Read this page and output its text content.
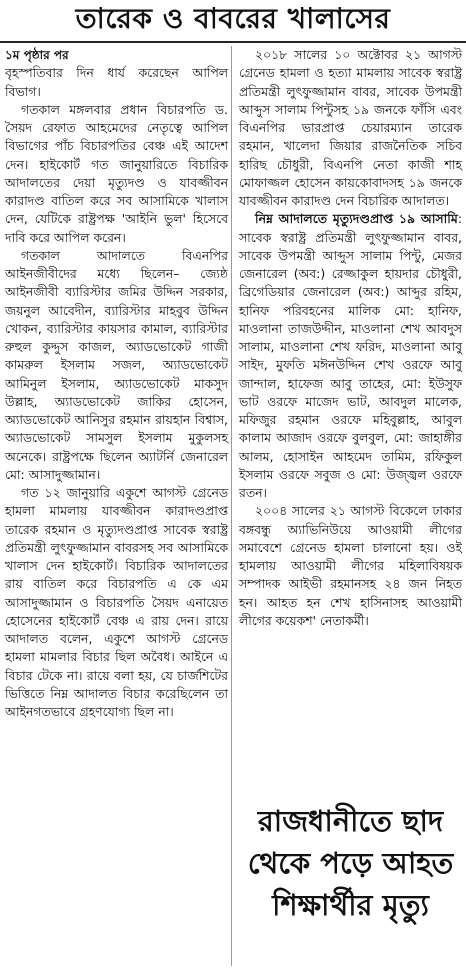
তারেক ও বাবরের খালাসের

১ম পৃষ্ঠার পর

বৃহস্পতিবার দিন ধার্য করেছেন আপিল বিভাগ।

গতকাল মঙ্গলবার প্রধান বিচারপতি ড. সৈয়দ রেফাত আহমেদের নেতৃত্বে আপিল বিভাগের পাঁচ বিচারপতির বেঞ্চ এই আদেশ দেন। হাইকোর্ট গত জানুয়ারিতে বিচারিক আদালতের দেয়া মৃত্যুদণ্ড ও যাবজ্জীবন কারাদণ্ড বাতিল করে সব আসামিকে খালাস দেন, যেটিকে রাষ্ট্রপক্ষ 'আইনি ভুল' হিসেবে দাবি করে আপিল করেন।

গতকাল আদালতে বিএনপির আইনজীবীদের মধ্যে ছিলেন– জ্যেষ্ঠ আইনজীবী ব্যারিস্টার জমির উদ্দিন সরকার, জয়নুল আবেদীন, ব্যারিস্টার মাহবুব উদ্দিন খোকন, ব্যারিস্টার কায়সার কামাল, ব্যারিস্টার রুহুল কুদ্দুস কাজল, অ্যাডভোকেট গাজী কামরুল ইসলাম সজল, অ্যাডভোকেট আমিনুল ইসলাম, অ্যাডভোকেট মাকসুদ উল্লাহ, অ্যাডভোকেট জাকির হোসেন, অ্যাডভোকেট আনিসুর রহমান রায়হান বিশ্বাস, অ্যাডভোকেট সামসুল ইসলাম মুকুলসহ অনেকে। রাষ্ট্রপক্ষে ছিলেন অ্যাটর্নি জেনারেল মো: আসাদুজ্জামান।

গত ১২ জানুয়ারি একুশে আগস্ট গ্রেনেড হামলা মামলায় যাবজ্জীবন কারাদণ্ডপ্রাপ্ত তারেক রহমান ও মৃত্যুদণ্ডপ্রাপ্ত সাবেক স্বরাষ্ট্র প্রতিমন্ত্রী লুৎফুজ্জামান বাবরসহ সব আসামিকে খালাস দেন হাইকোর্ট। বিচারিক আদালতের রায় বাতিল করে বিচারপতি এ কে এম আসাদুজ্জামান ও বিচারপতি সৈয়দ এনায়েত হোসেনের হাইকোর্ট বেঞ্চ এ রায় দেন। রায়ে আদালত বলেন, একুশে আগস্ট গ্রেনেড হামলা মামলার বিচার ছিল অবৈধ। আইনে এ বিচার টেকে না। রায়ে বলা হয়, যে চার্জশিটের ভিত্তিতে নিম্ন আদালত বিচার করেছিলেন তা আইনগতভাবে গ্রহণযোগ্য ছিল না।

২০১৮ সালের ১০ অক্টোবর ২১ আগস্ট গ্রেনেড হামলা ও হত্যা মামলায় সাবেক স্বরাষ্ট্র প্রতিমন্ত্রী লুৎফুজ্জামান বাবর, সাবেক উপমন্ত্রী আব্দুস সালাম পিন্টুসহ ১৯ জনকে ফাঁসি এবং বিএনপির ভারপ্রাপ্ত চেয়ারম্যান তারেক রহমান, খালেদা জিয়ার রাজনৈতিক সচিব হারিছ চৌধুরী, বিএনপি নেতা কাজী শাহ মোফাজ্জল হোসেন কায়কোবাদসহ ১৯ জনকে যাবজ্জীবন কারাদণ্ড দেন বিচারিক আদালত।

নিম্ন আদালতে মৃত্যুদণ্ডপ্রাপ্ত ১৯ আসামি: সাবেক স্বরাষ্ট্র প্রতিমন্ত্রী লুৎফুজ্জামান বাবর, সাবেক উপমন্ত্রী আব্দুস সালাম পিন্টু, মেজর জেনারেল (অব:) রেজ্জাকুল হায়দার চৌধুরী, ব্রিগেডিয়ার জেনারেল (অব:) আব্দুর রহিম, হানিফ পরিবহনের মালিক মো: হানিফ, মাওলানা তাজউদ্দীন, মাওলানা শেখ আবদুস সালাম, মাওলানা শেখ ফরিদ, মাওলানা আবু সাইদ, মুফতি মঈনউদ্দিন শেখ ওরফে আবু জান্দাল, হাফেজ আবু তাহের, মো: ইউসুফ ভাট ওরফে মাজেদ ভাট, আবদুল মালেক, মফিজুর রহমান ওরফে মহিবুল্লাহ, আবুল কালাম আজাদ ওরফে বুলবুল, মো: জাহাঙ্গীর আলম, হোসাইন আহমেদ তামিম, রফিকুল ইসলাম ওরফে সবুজ ও মো: উজ্জ্বল ওরফে রতন।

২০০৪ সালের ২১ আগস্ট বিকেলে ঢাকার বঙ্গবন্ধু অ্যাভিনিউয়ে আওয়ামী লীগের সমাবেশে গ্রেনেড হামলা চালানো হয়। ওই হামলায় আওয়ামী লীগের মহিলাবিষয়ক সম্পাদক আইভী রহমানসহ ২৪ জন নিহত হন। আহত হন শেখ হাসিনাসহ আওয়ামী লীগের কয়েকশ' নেতাকর্মী।

রাজধানীতে ছাদ থেকে পড়ে আহত শিক্ষার্থীর মৃত্যু
